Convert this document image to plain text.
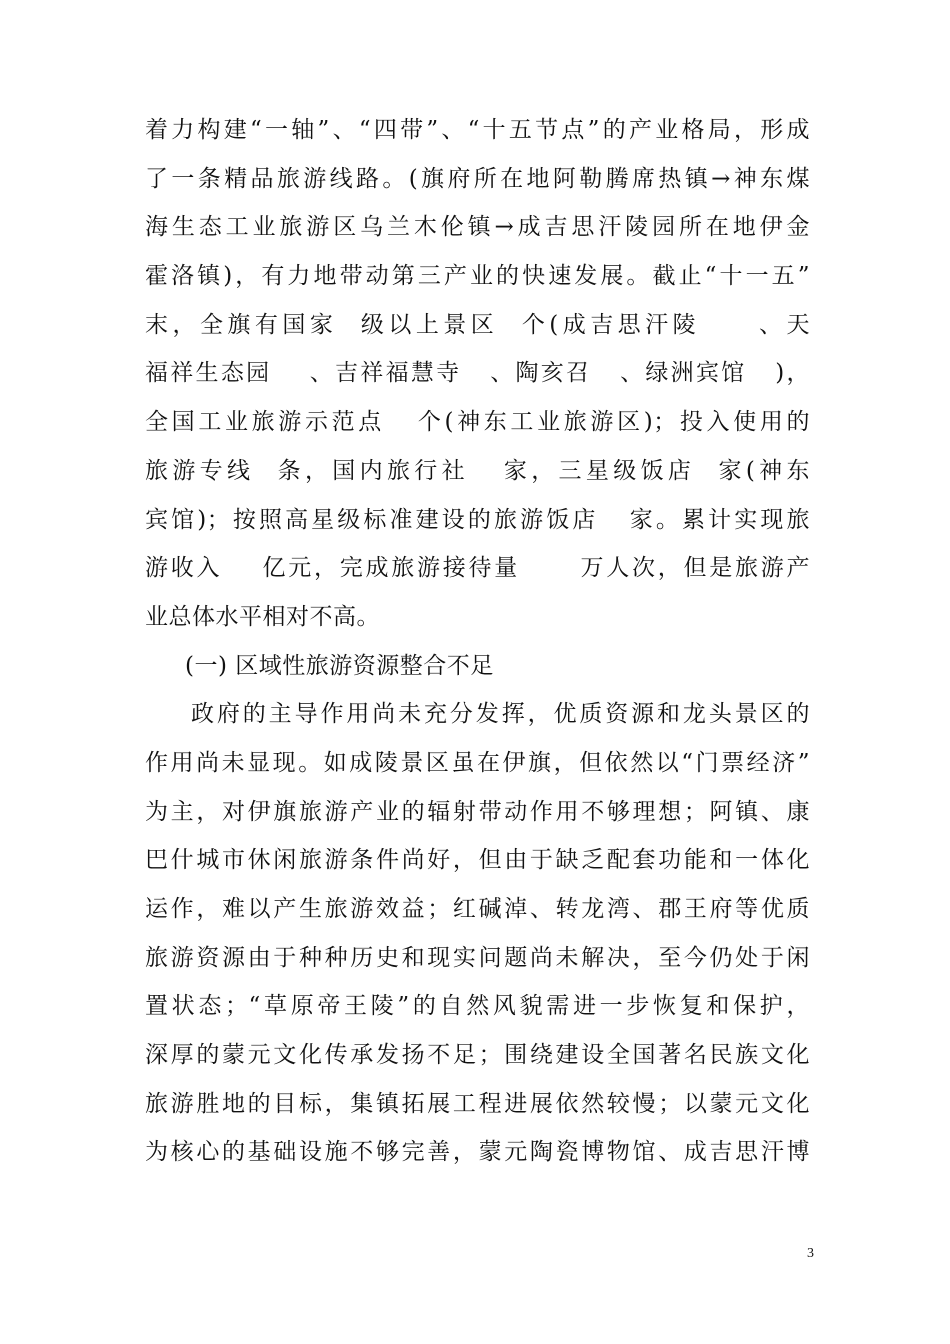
着力构建“一轴”、“四带”、“十五节点”的产业格局，形成
了一条精品旅游线路。(旗府所在地阿勒腾席热镇→神东煤
海生态工业旅游区乌兰木伦镇→成吉思汗陵园所在地伊金
霍洛镇)，有力地带动第三产业的快速发展。截止“十一五”
末，全旗有国家  级以上景区  个(成吉思汗陵     、天
福祥生态园    、吉祥福慧寺   、陶亥召   、绿洲宾馆   )，
全国工业旅游示范点   个(神东工业旅游区)；投入使用的
旅游专线  条，国内旅行社   家，三星级饭店  家(神东
宾馆)；按照高星级标准建设的旅游饭店   家。累计实现旅
游收入    亿元，完成旅游接待量      万人次，但是旅游产
业总体水平相对不高。
(一) 区域性旅游资源整合不足
政府的主导作用尚未充分发挥，优质资源和龙头景区的
作用尚未显现。如成陵景区虽在伊旗，但依然以“门票经济”
为主，对伊旗旅游产业的辐射带动作用不够理想；阿镇、康
巴什城市休闲旅游条件尚好，但由于缺乏配套功能和一体化
运作，难以产生旅游效益；红碱淖、转龙湾、郡王府等优质
旅游资源由于种种历史和现实问题尚未解决，至今仍处于闲
置状态；“草原帝王陵”的自然风貌需进一步恢复和保护，
深厚的蒙元文化传承发扬不足；围绕建设全国著名民族文化
旅游胜地的目标，集镇拓展工程进展依然较慢；以蒙元文化
为核心的基础设施不够完善，蒙元陶瓷博物馆、成吉思汗博
3
